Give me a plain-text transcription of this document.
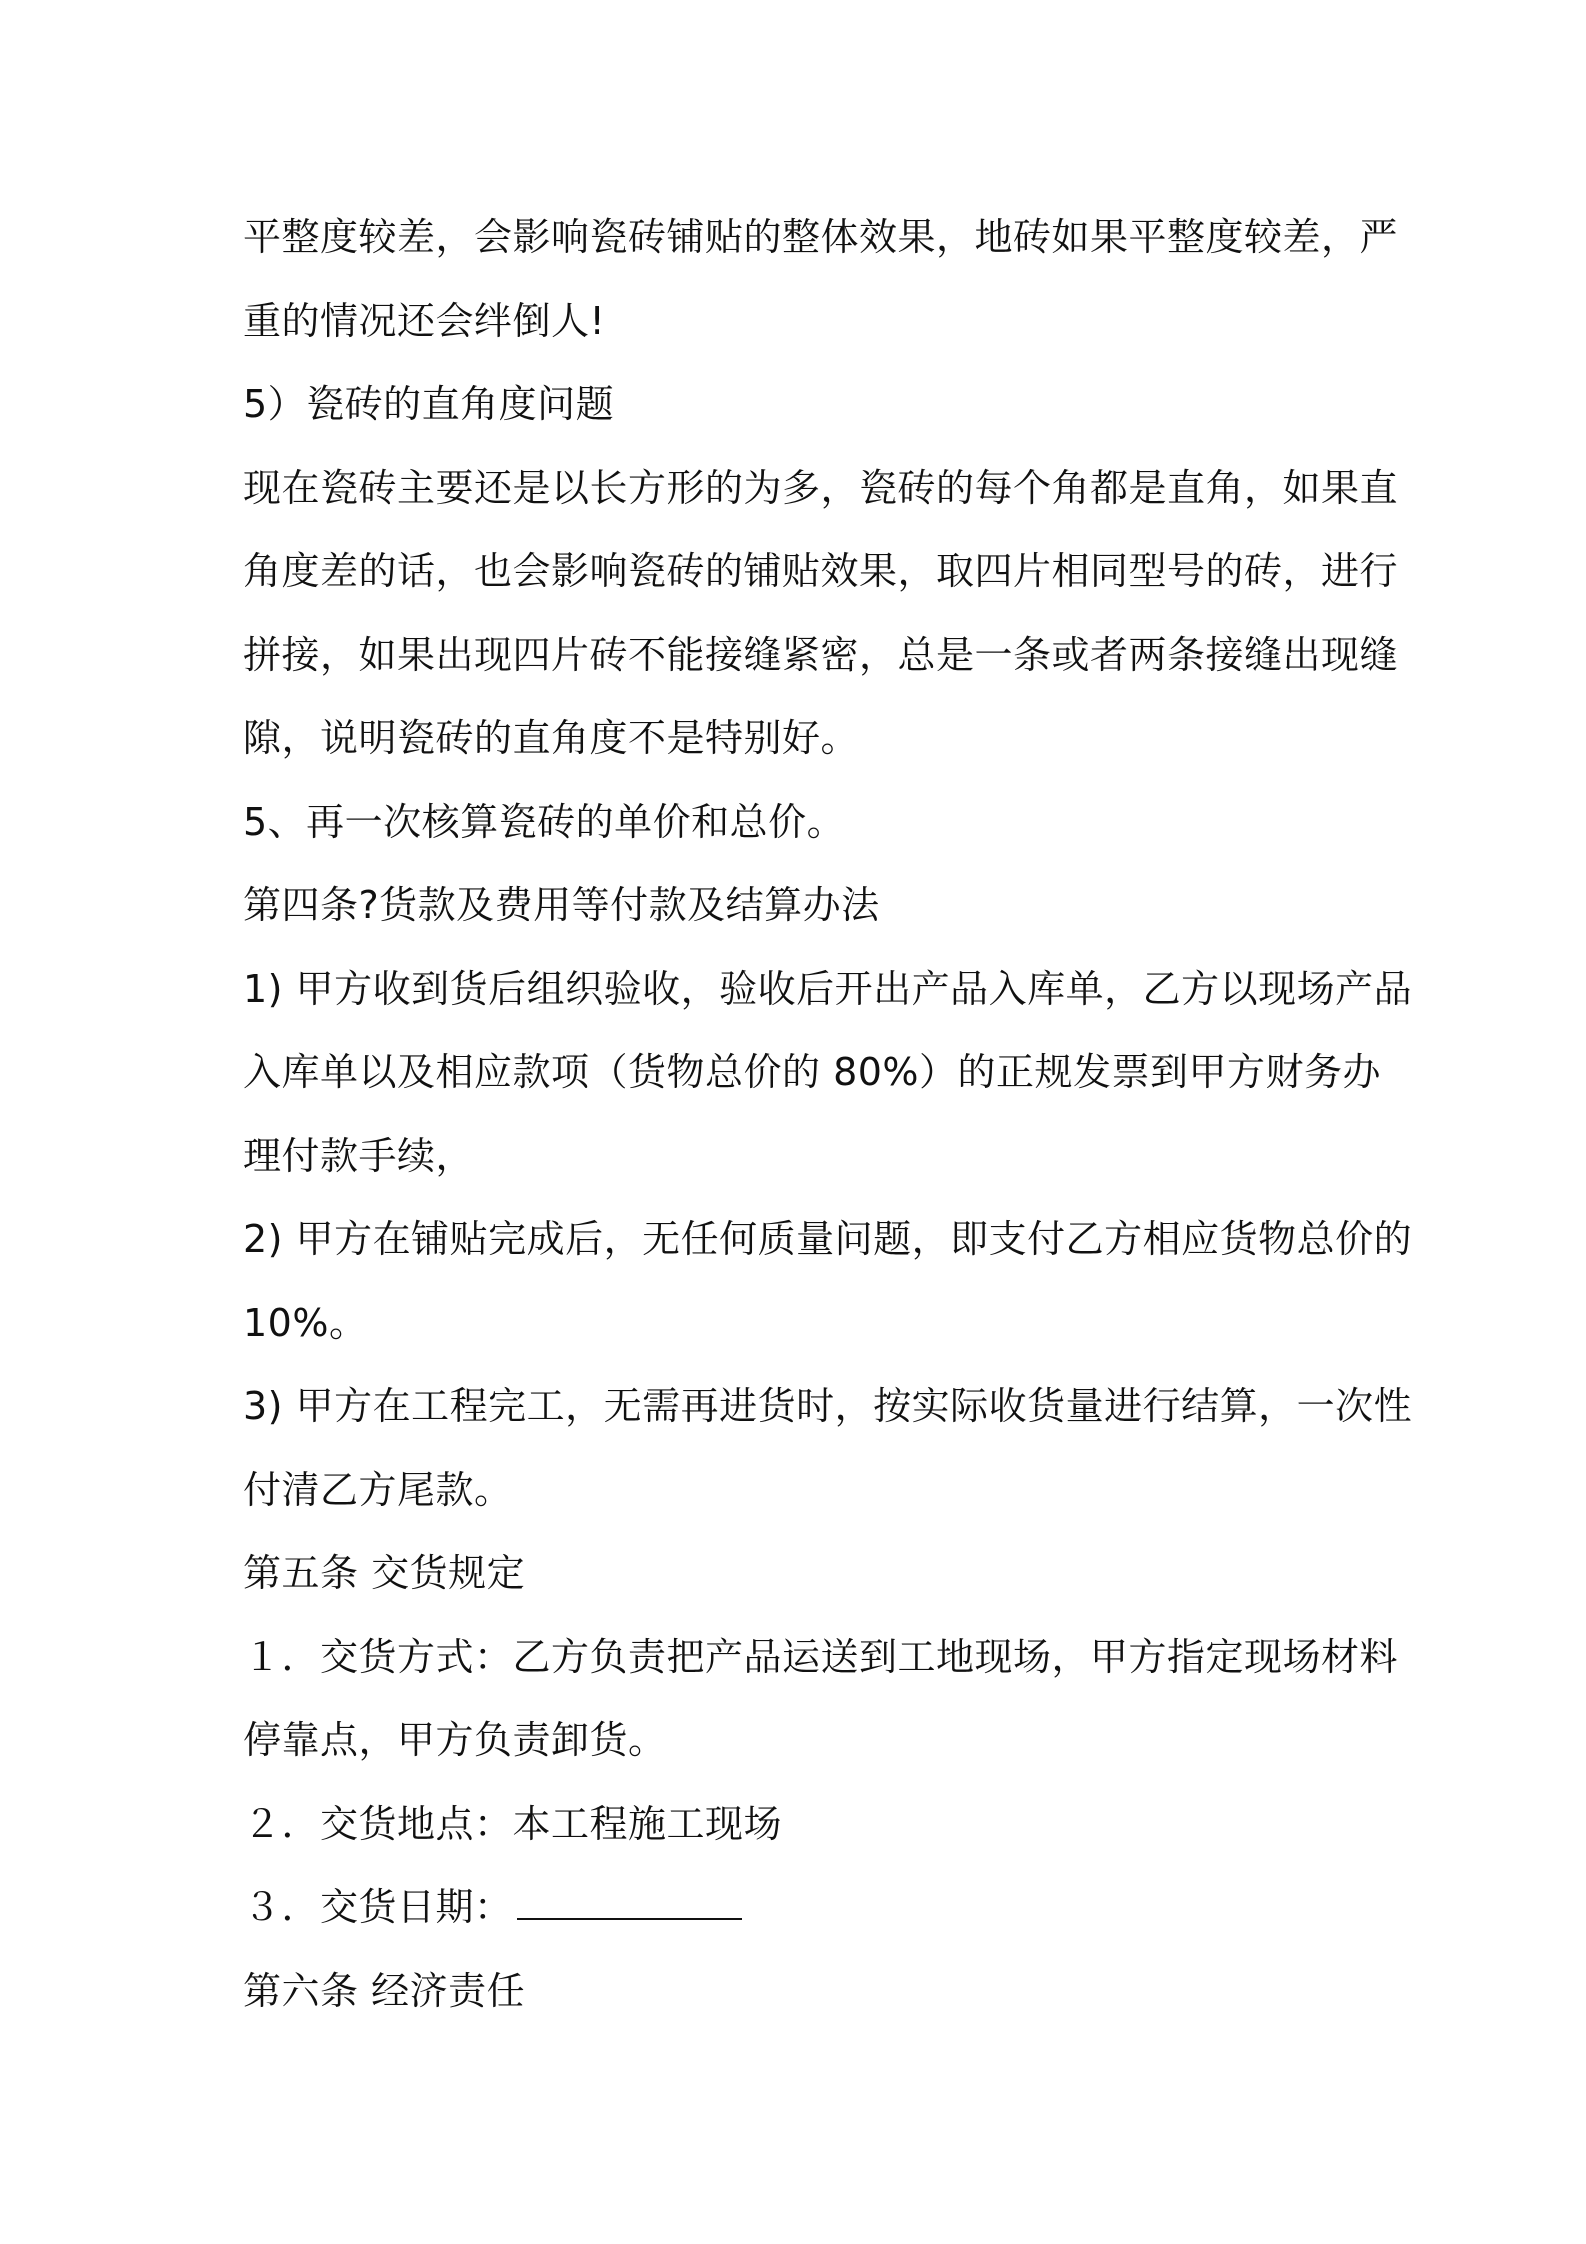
平整度较差，会影响瓷砖铺贴的整体效果，地砖如果平整度较差，严
重的情况还会绊倒人!
5）瓷砖的直角度问题
现在瓷砖主要还是以长方形的为多，瓷砖的每个角都是直角，如果直
角度差的话，也会影响瓷砖的铺贴效果，取四片相同型号的砖，进行
拼接，如果出现四片砖不能接缝紧密，总是一条或者两条接缝出现缝
隙，说明瓷砖的直角度不是特别好。
5、再一次核算瓷砖的单价和总价。
第四条?货款及费用等付款及结算办法
1) 甲方收到货后组织验收，验收后开出产品入库单，乙方以现场产品
入库单以及相应款项（货物总价的 80%）的正规发票到甲方财务办
理付款手续，
2) 甲方在铺贴完成后，无任何质量问题，即支付乙方相应货物总价的
10%。
3) 甲方在工程完工，无需再进货时，按实际收货量进行结算，一次性
付清乙方尾款。
第五条 交货规定
１．交货方式：乙方负责把产品运送到工地现场，甲方指定现场材料
停靠点，甲方负责卸货。
２．交货地点：本工程施工现场
３．交货日期：
第六条 经济责任
